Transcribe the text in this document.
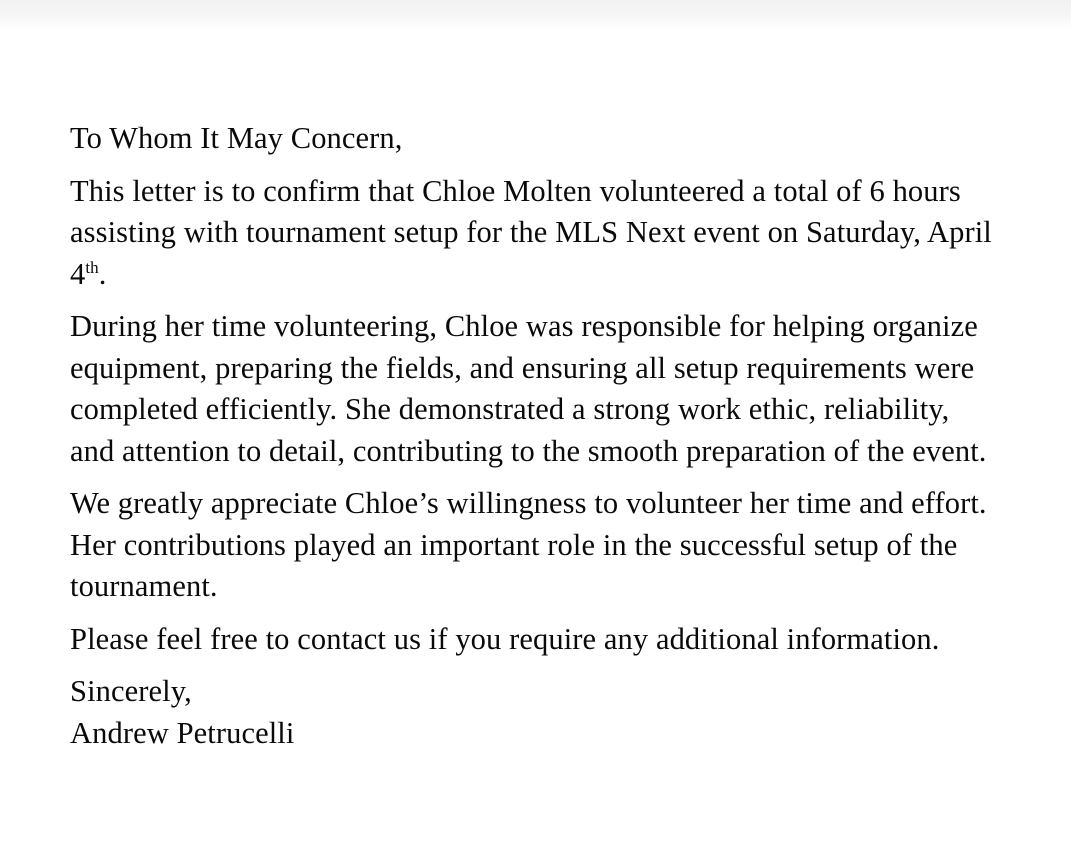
To Whom It May Concern,

This letter is to confirm that Chloe Molten volunteered a total of 6 hours assisting with tournament setup for the MLS Next event on Saturday, April 4th.

During her time volunteering, Chloe was responsible for helping organize equipment, preparing the fields, and ensuring all setup requirements were completed efficiently. She demonstrated a strong work ethic, reliability, and attention to detail, contributing to the smooth preparation of the event.

We greatly appreciate Chloe’s willingness to volunteer her time and effort. Her contributions played an important role in the successful setup of the tournament.

Please feel free to contact us if you require any additional information.

Sincerely,
Andrew Petrucelli
